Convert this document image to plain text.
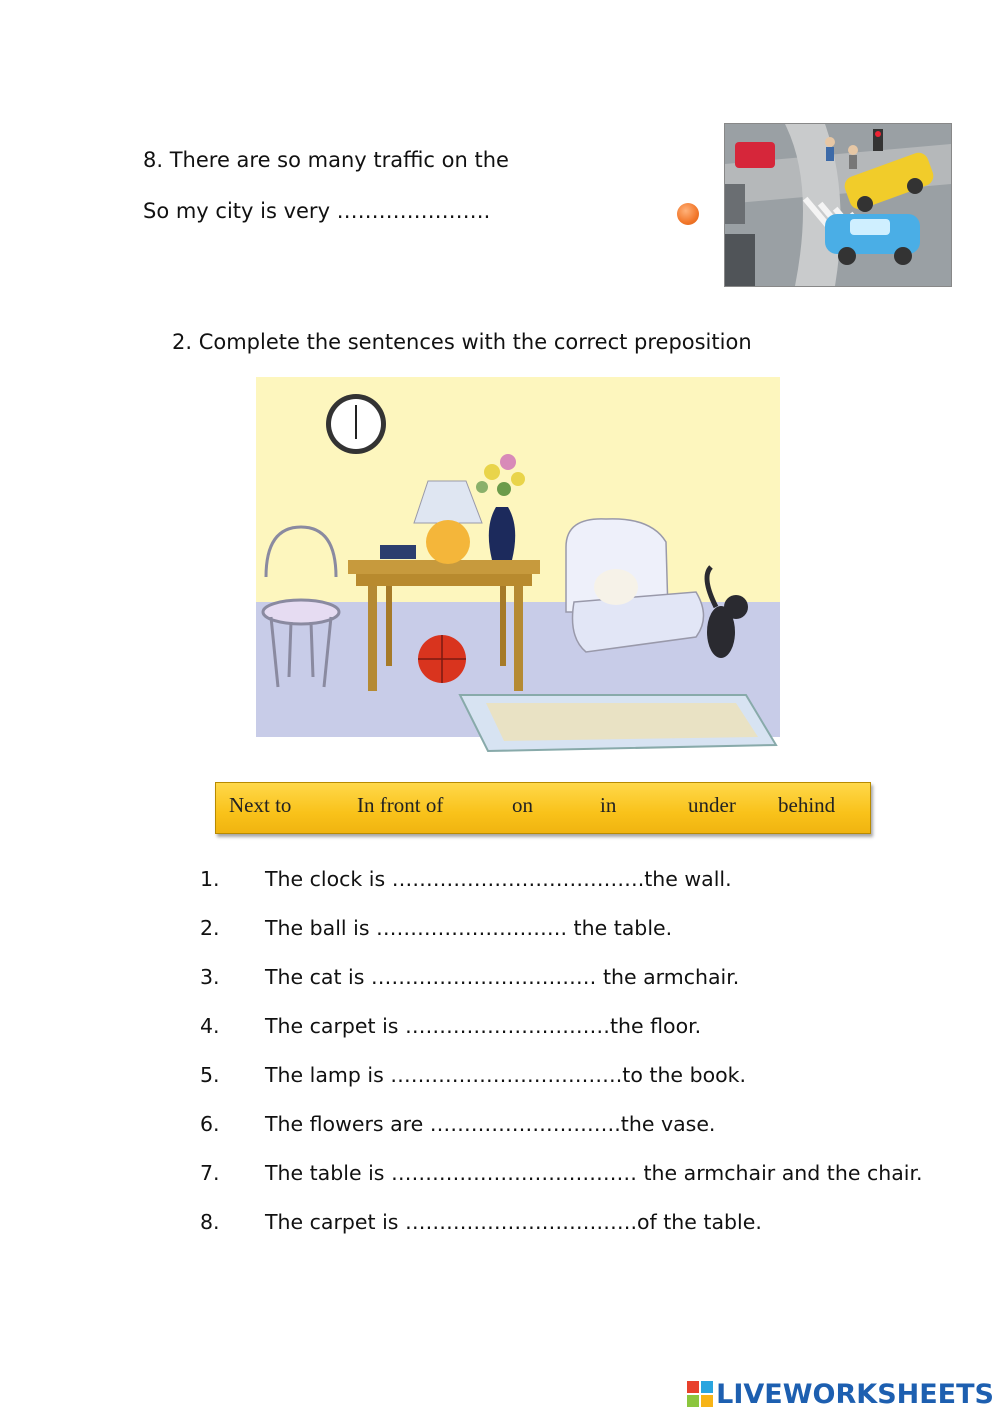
8. There are so many traffic on the
So my city is very ………………….
2. Complete the sentences with the correct preposition
Next to	In front of	on	in	under behind
1. The clock is ……………………………….the wall.
2. The ball is ………………………. the table.
3. The cat is …………………………… the armchair.
4. The carpet is …………………………the floor.
5. The lamp is …………………………….to the book.
6. The flowers are ……………………….the vase.
7. The table is ……………………………… the armchair and the chair.
8. The carpet is …………………………….of the table.
LIVEWORKSHEETS
